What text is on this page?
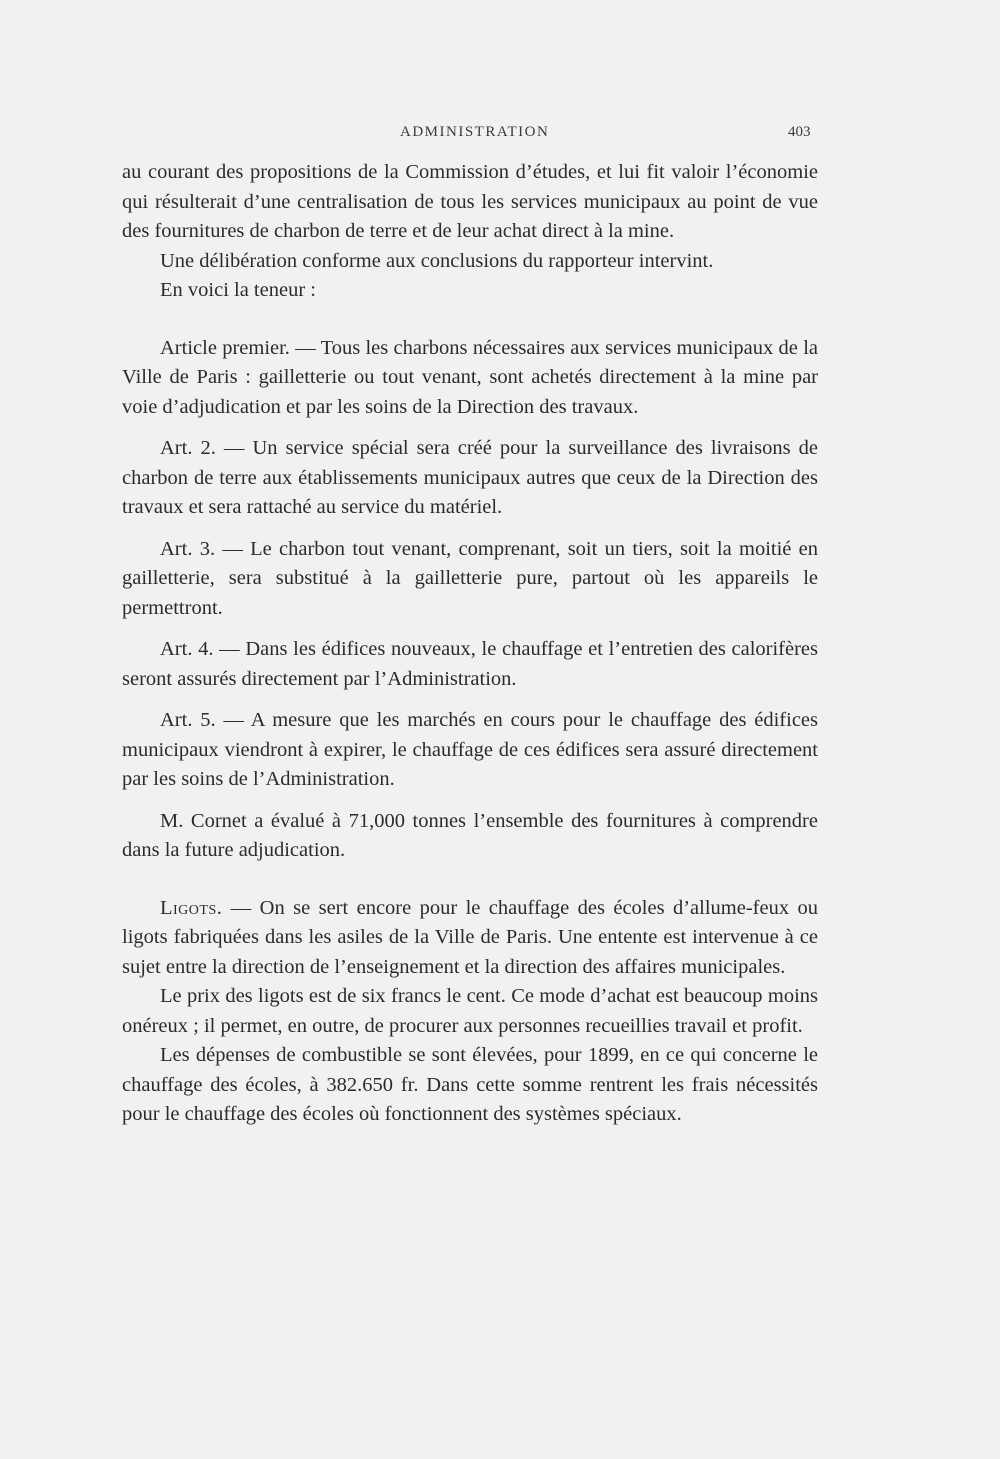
ADMINISTRATION	403

au courant des propositions de la Commission d’études, et lui fit valoir l’économie qui résulterait d’une centralisation de tous les services municipaux au point de vue des fournitures de charbon de terre et de leur achat direct à la mine.

Une délibération conforme aux conclusions du rapporteur intervint.

En voici la teneur :

Article premier. — Tous les charbons nécessaires aux services municipaux de la Ville de Paris : gailletterie ou tout venant, sont achetés directement à la mine par voie d’adjudication et par les soins de la Direction des travaux.

Art. 2. — Un service spécial sera créé pour la surveillance des livraisons de charbon de terre aux établissements municipaux autres que ceux de la Direction des travaux et sera rattaché au service du matériel.

Art. 3. — Le charbon tout venant, comprenant, soit un tiers, soit la moitié en gailletterie, sera substitué à la gailletterie pure, partout où les appareils le permettront.

Art. 4. — Dans les édifices nouveaux, le chauffage et l’entretien des calorifères seront assurés directement par l’Administration.

Art. 5. — A mesure que les marchés en cours pour le chauffage des édifices municipaux viendront à expirer, le chauffage de ces édifices sera assuré directement par les soins de l’Administration.

M. Cornet a évalué à 71,000 tonnes l’ensemble des fournitures à comprendre dans la future adjudication.

Ligots. — On se sert encore pour le chauffage des écoles d’allume-feux ou ligots fabriquées dans les asiles de la Ville de Paris. Une entente est intervenue à ce sujet entre la direction de l’enseignement et la direction des affaires municipales.

Le prix des ligots est de six francs le cent. Ce mode d’achat est beaucoup moins onéreux ; il permet, en outre, de procurer aux personnes recueillies travail et profit.

Les dépenses de combustible se sont élevées, pour 1899, en ce qui concerne le chauffage des écoles, à 382.650 fr. Dans cette somme rentrent les frais nécessités pour le chauffage des écoles où fonctionnent des systèmes spéciaux.
